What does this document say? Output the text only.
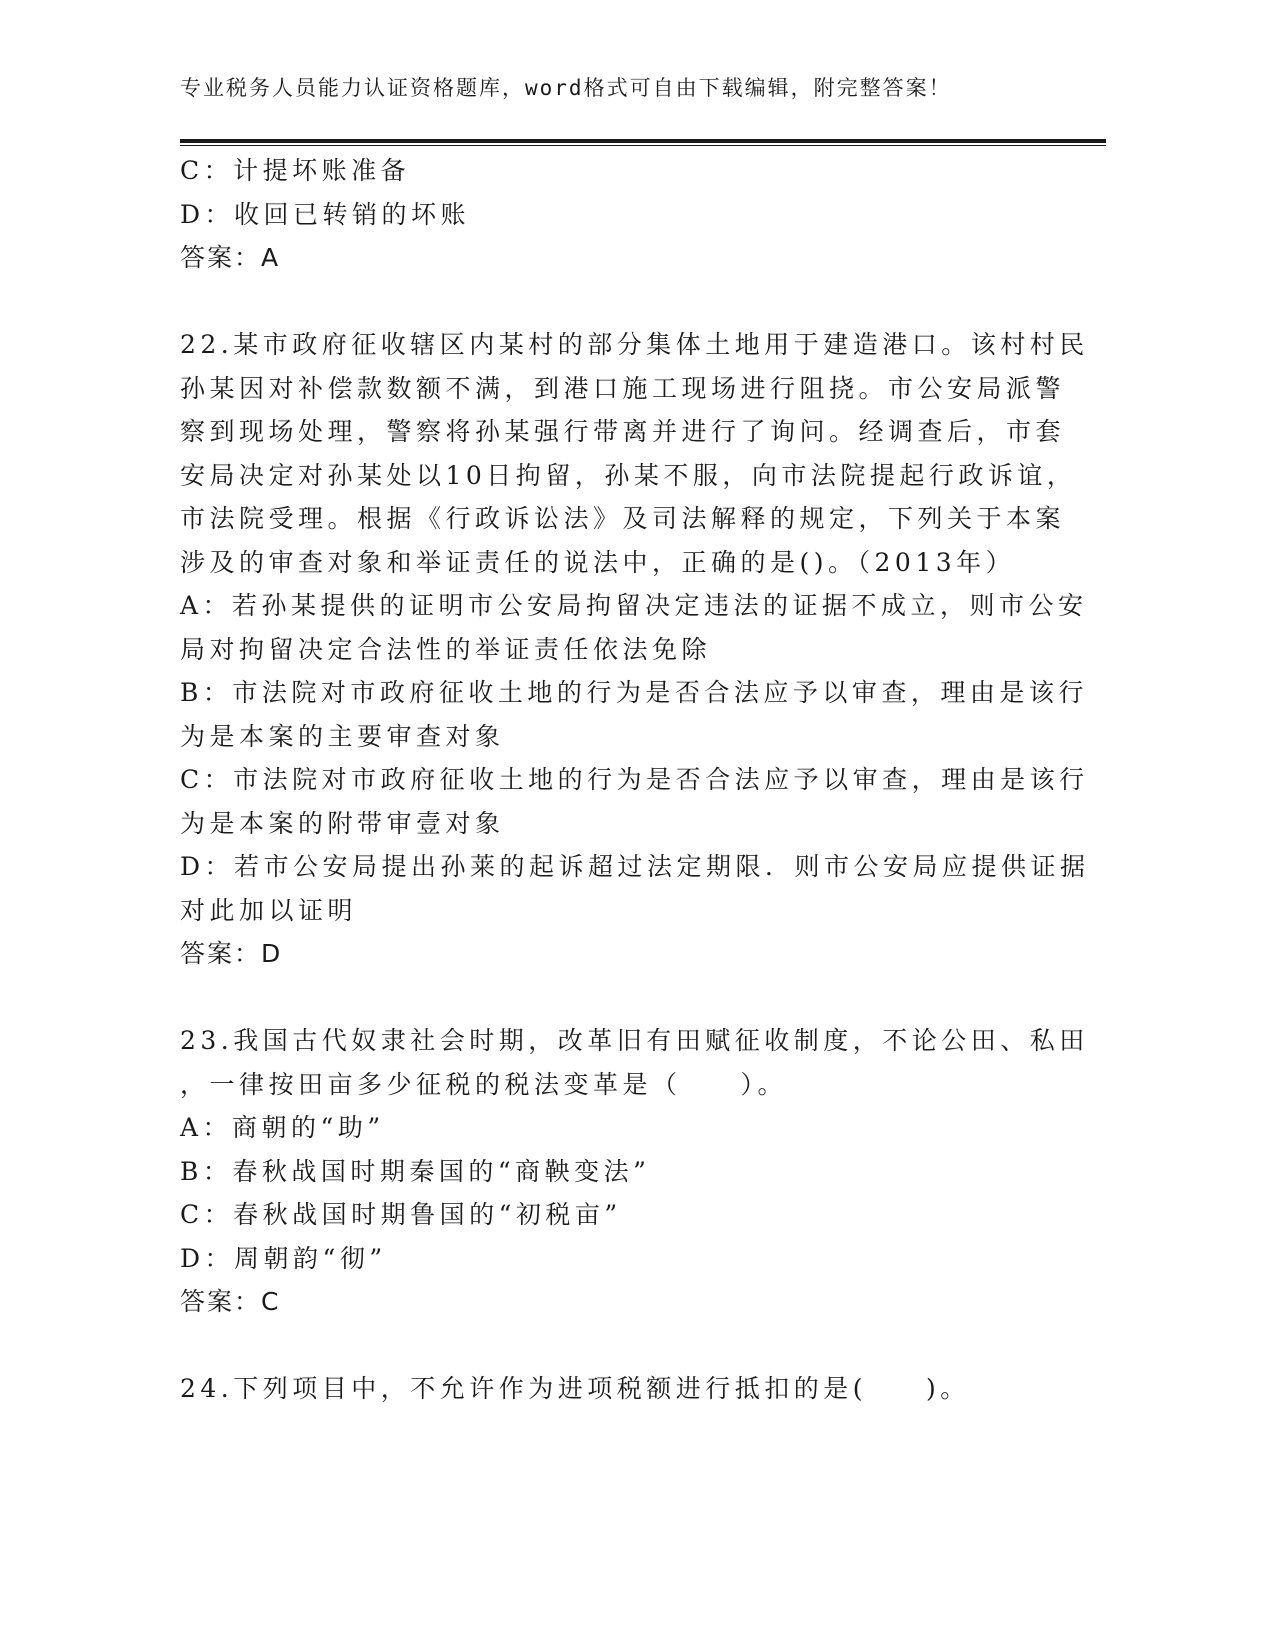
专业税务人员能力认证资格题库，word格式可自由下载编辑，附完整答案！
C：计提坏账准备
D：收回已转销的坏账
答案：A
22.某市政府征收辖区内某村的部分集体土地用于建造港口。该村村民
孙某因对补偿款数额不满，到港口施工现场进行阻挠。市公安局派警
察到现场处理，警察将孙某强行带离并进行了询问。经调查后，市套
安局决定对孙某处以10日拘留，孙某不服，向市法院提起行政诉谊，
市法院受理。根据《行政诉讼法》及司法解释的规定，下列关于本案
涉及的审查对象和举证责任的说法中，正确的是()。（2013年）
A：若孙某提供的证明市公安局拘留决定违法的证据不成立，则市公安
局对拘留决定合法性的举证责任依法免除
B：市法院对市政府征收土地的行为是否合法应予以审查，理由是该行
为是本案的主要审查对象
C：市法院对市政府征收土地的行为是否合法应予以审查，理由是该行
为是本案的附带审壹对象
D：若市公安局提出孙莱的起诉超过法定期限．则市公安局应提供证据
对此加以证明
答案：D
23.我国古代奴隶社会时期，改革旧有田赋征收制度，不论公田、私田
，一律按田亩多少征税的税法变革是（　　）。
A：商朝的“助”
B：春秋战国时期秦国的“商鞅变法”
C：春秋战国时期鲁国的“初税亩”
D：周朝韵“彻”
答案：C
24.下列项目中，不允许作为进项税额进行抵扣的是(　　)。
